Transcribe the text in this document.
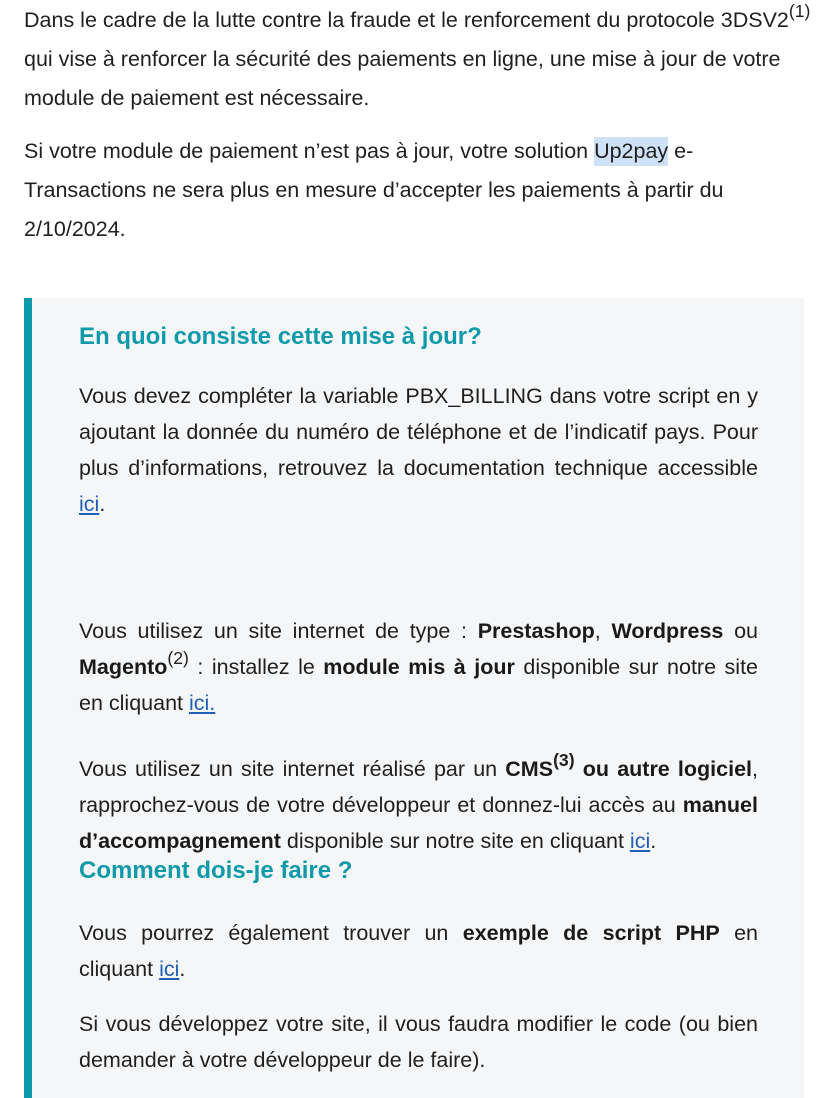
Dans le cadre de la lutte contre la fraude et le renforcement du protocole 3DSV2$^{(1)}$ qui vise à renforcer la sécurité des paiements en ligne, une mise à jour de votre module de paiement est nécessaire.

Si votre module de paiement n’est pas à jour, votre solution Up2pay e-Transactions ne sera plus en mesure d’accepter les paiements à partir du 2/10/2024.

En quoi consiste cette mise à jour?
Comment dois-je faire ?

Vous devez compléter la variable PBX_BILLING dans votre script en y ajoutant la donnée du numéro de téléphone et de l’indicatif pays. Pour plus d’informations, retrouvez la documentation technique accessible ici.

Vous utilisez un site internet de type : Prestashop, Wordpress ou Magento$^{(2)}$ : installez le module mis à jour disponible sur notre site en cliquant ici.

Vous utilisez un site internet réalisé par un CMS$^{(3)}$ ou autre logiciel, rapprochez-vous de votre développeur et donnez-lui accès au manuel d’accompagnement disponible sur notre site en cliquant ici.

Vous pourrez également trouver un exemple de script PHP en cliquant ici.

Si vous développez votre site, il vous faudra modifier le code (ou bien demander à votre développeur de le faire).
